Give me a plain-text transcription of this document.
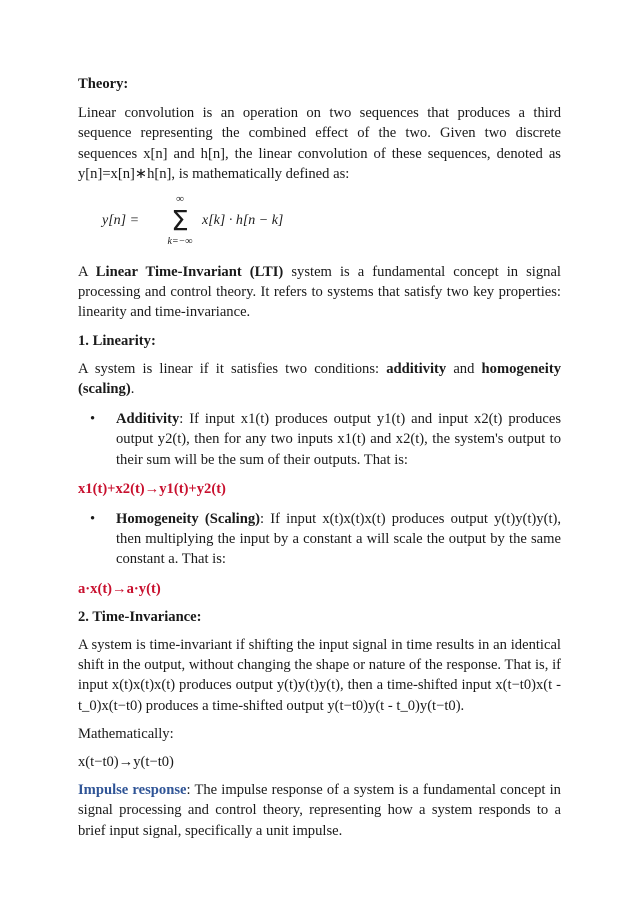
Theory:

Linear convolution is an operation on two sequences that produces a third sequence representing the combined effect of the two. Given two discrete sequences x[n] and h[n], the linear convolution of these sequences, denoted as y[n]=x[n]∗h[n], is mathematically defined as:

y[n] =
∞
Σ
k=−∞
x[k] · h[n − k]

A Linear Time-Invariant (LTI) system is a fundamental concept in signal processing and control theory. It refers to systems that satisfy two key properties: linearity and time-invariance.

1. Linearity:

A system is linear if it satisfies two conditions: additivity and homogeneity (scaling).

• Additivity: If input x1(t) produces output y1(t) and input x2(t) produces output y2(t), then for any two inputs x1(t) and x2(t), the system's output to their sum will be the sum of their outputs. That is:

x1(t)+x2(t)→y1(t)+y2(t)

• Homogeneity (Scaling): If input x(t)x(t)x(t) produces output y(t)y(t)y(t), then multiplying the input by a constant a will scale the output by the same constant a. That is:

a·x(t)→a·y(t)

2. Time-Invariance:

A system is time-invariant if shifting the input signal in time results in an identical shift in the output, without changing the shape or nature of the response. That is, if input x(t)x(t)x(t) produces output y(t)y(t)y(t), then a time-shifted input x(t−t0)x(t - t_0)x(t−t0) produces a time-shifted output y(t−t0)y(t - t_0)y(t−t0).

Mathematically:

x(t−t0)→y(t−t0)

Impulse response: The impulse response of a system is a fundamental concept in signal processing and control theory, representing how a system responds to a brief input signal, specifically a unit impulse.
